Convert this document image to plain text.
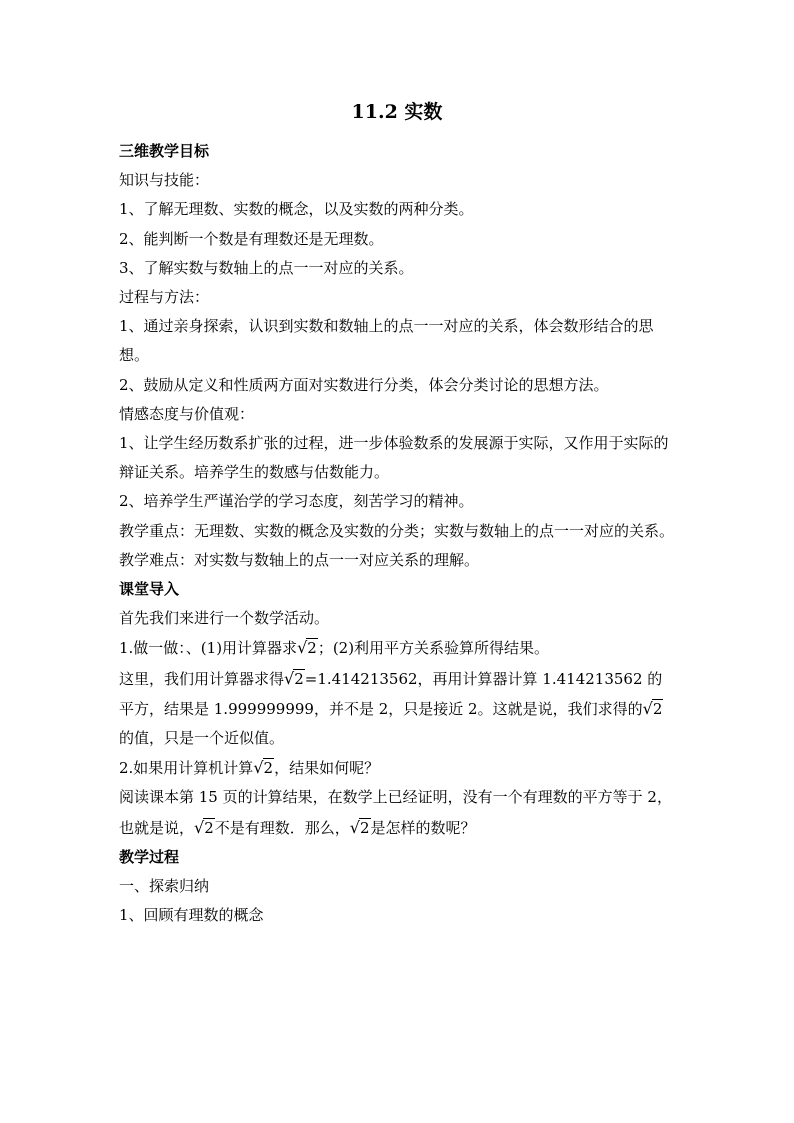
11.2 实数

三维教学目标

知识与技能：

1、了解无理数、实数的概念，以及实数的两种分类。

2、能判断一个数是有理数还是无理数。

3、了解实数与数轴上的点一一对应的关系。

过程与方法：

1、通过亲身探索，认识到实数和数轴上的点一一对应的关系，体会数形结合的思想。

2、鼓励从定义和性质两方面对实数进行分类，体会分类讨论的思想方法。

情感态度与价值观：

1、让学生经历数系扩张的过程，进一步体验数系的发展源于实际，又作用于实际的辩证关系。培养学生的数感与估数能力。

2、培养学生严谨治学的学习态度，刻苦学习的精神。

教学重点：无理数、实数的概念及实数的分类；实数与数轴上的点一一对应的关系。

教学难点：对实数与数轴上的点一一对应关系的理解。

课堂导入

首先我们来进行一个数学活动。

1.做一做：、(1)用计算器求√2；(2)利用平方关系验算所得结果。

这里，我们用计算器求得√2=1.414213562，再用计算器计算 1.414213562 的平方，结果是 1.999999999，并不是 2，只是接近 2。这就是说，我们求得的√2的值，只是一个近似值。

2.如果用计算机计算√2，结果如何呢？

阅读课本第 15 页的计算结果，在数学上已经证明，没有一个有理数的平方等于 2，也就是说，√2不是有理数．那么，√2是怎样的数呢？

教学过程

一、探索归纳

1、回顾有理数的概念
